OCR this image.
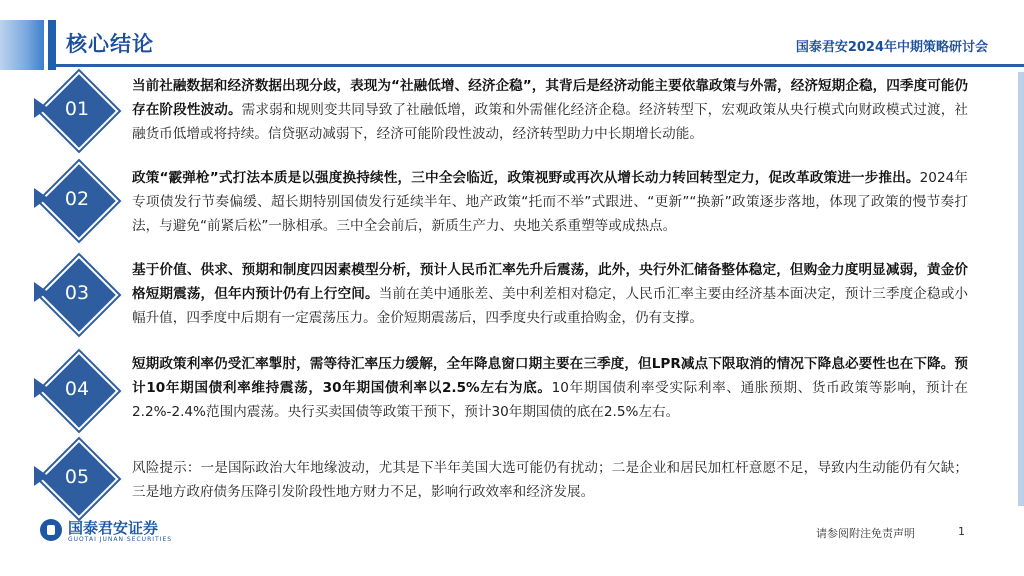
核心结论	国泰君安2024年中期策略研讨会
01
当前社融数据和经济数据出现分歧，表现为“社融低增、经济企稳”，其背后是经济动能主要依靠政策与外需，经济短期企稳，四季度可能仍存在阶段性波动。需求弱和规则变共同导致了社融低增，政策和外需催化经济企稳。经济转型下，宏观政策从央行模式向财政模式过渡，社融货币低增或将持续。信贷驱动减弱下，经济可能阶段性波动，经济转型助力中长期增长动能。
02
政策“霰弹枪”式打法本质是以强度换持续性，三中全会临近，政策视野或再次从增长动力转回转型定力，促改革政策进一步推出。2024年专项债发行节奏偏缓、超长期特别国债发行延续半年、地产政策“托而不举”式跟进、“更新”“换新”政策逐步落地，体现了政策的慢节奏打法，与避免“前紧后松”一脉相承。三中全会前后，新质生产力、央地关系重塑等或成热点。
03
基于价值、供求、预期和制度四因素模型分析，预计人民币汇率先升后震荡，此外，央行外汇储备整体稳定，但购金力度明显减弱，黄金价格短期震荡，但年内预计仍有上行空间。当前在美中通胀差、美中利差相对稳定，人民币汇率主要由经济基本面决定，预计三季度企稳或小幅升值，四季度中后期有一定震荡压力。金价短期震荡后，四季度央行或重拾购金，仍有支撑。
04
短期政策利率仍受汇率掣肘，需等待汇率压力缓解，全年降息窗口期主要在三季度，但LPR减点下限取消的情况下降息必要性也在下降。预计10年期国债利率维持震荡，30年期国债利率以2.5%左右为底。10年期国债利率受实际利率、通胀预期、货币政策等影响，预计在2.2%-2.4%范围内震荡。央行买卖国债等政策干预下，预计30年期国债的底在2.5%左右。
05	风险提示：一是国际政治大年地缘波动，尤其是下半年美国大选可能仍有扰动；二是企业和居民加杠杆意愿不足，导致内生动能仍有欠缺；三是地方政府债务压降引发阶段性地方财力不足，影响行政效率和经济发展。
国泰君安证券
GUOTAI JUNAN SECURITIES	请参阅附注免责声明	1
